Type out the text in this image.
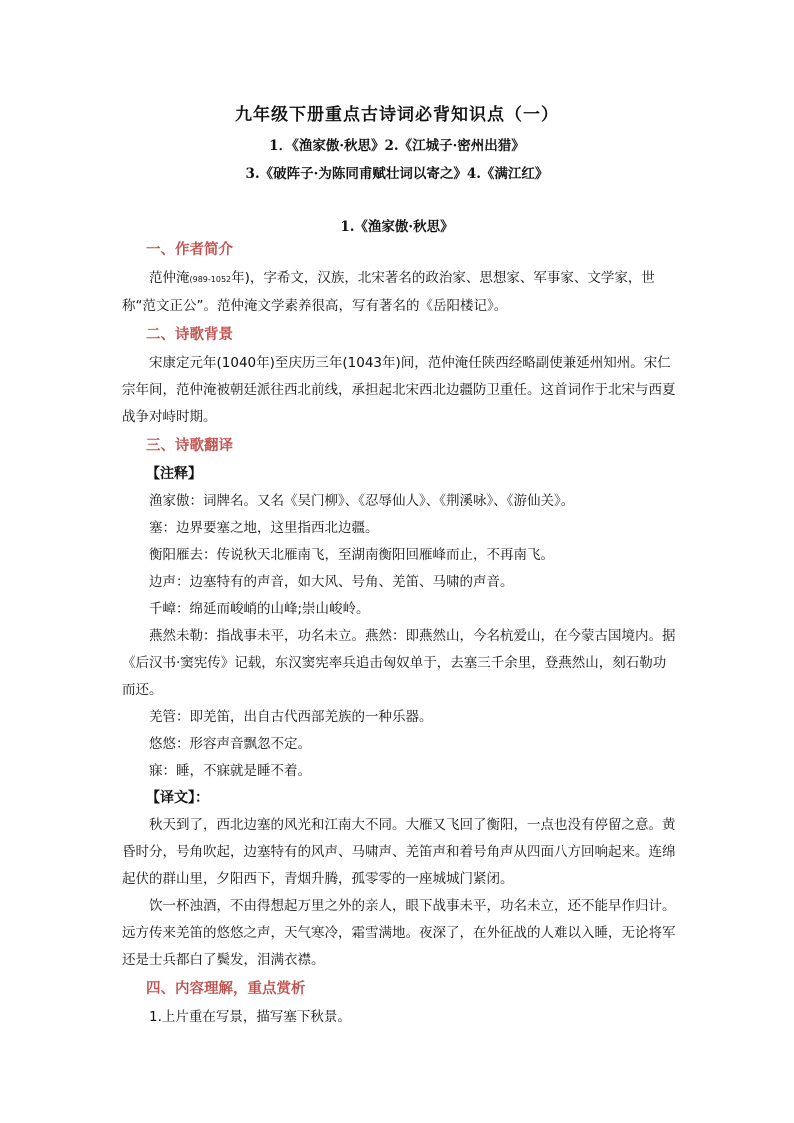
九年级下册重点古诗词必背知识点（一）
1．《渔家傲·秋思》2.《江城子·密州出猎》
3.《破阵子·为陈同甫赋壮词以寄之》4.《满江红》
1.《渔家傲·秋思》
一、作者简介

范仲淹(989-1052年)，字希文，汉族，北宋著名的政治家、思想家、军事家、文学家，世称“范文正公”。范仲淹文学素养很高，写有著名的《岳阳楼记》。

二、诗歌背景

宋康定元年(1040年)至庆历三年(1043年)间，范仲淹任陕西经略副使兼延州知州。宋仁宗年间，范仲淹被朝廷派往西北前线，承担起北宋西北边疆防卫重任。这首词作于北宋与西夏战争对峙时期。

三、诗歌翻译
【注释】

渔家傲：词牌名。又名《吴门柳》、《忍辱仙人》、《荆溪咏》、《游仙关》。

塞：边界要塞之地，这里指西北边疆。

衡阳雁去：传说秋天北雁南飞，至湖南衡阳回雁峰而止，不再南飞。

边声：边塞特有的声音，如大风、号角、羌笛、马啸的声音。

千嶂：绵延而峻峭的山峰;崇山峻岭。

燕然未勒：指战事未平，功名未立。燕然：即燕然山，今名杭爱山，在今蒙古国境内。据《后汉书·窦宪传》记载，东汉窦宪率兵追击匈奴单于，去塞三千余里，登燕然山，刻石勒功而还。

羌管：即羌笛，出自古代西部羌族的一种乐器。

悠悠：形容声音飘忽不定。

寐：睡，不寐就是睡不着。

【译文】：

秋天到了，西北边塞的风光和江南大不同。大雁又飞回了衡阳，一点也没有停留之意。黄昏时分，号角吹起，边塞特有的风声、马啸声、羌笛声和着号角声从四面八方回响起来。连绵起伏的群山里，夕阳西下，青烟升腾，孤零零的一座城城门紧闭。

饮一杯浊酒，不由得想起万里之外的亲人，眼下战事未平，功名未立，还不能早作归计。远方传来羌笛的悠悠之声，天气寒冷，霜雪满地。夜深了，在外征战的人难以入睡，无论将军还是士兵都白了鬓发，泪满衣襟。

四、内容理解，重点赏析

1.上片重在写景，描写塞下秋景。
